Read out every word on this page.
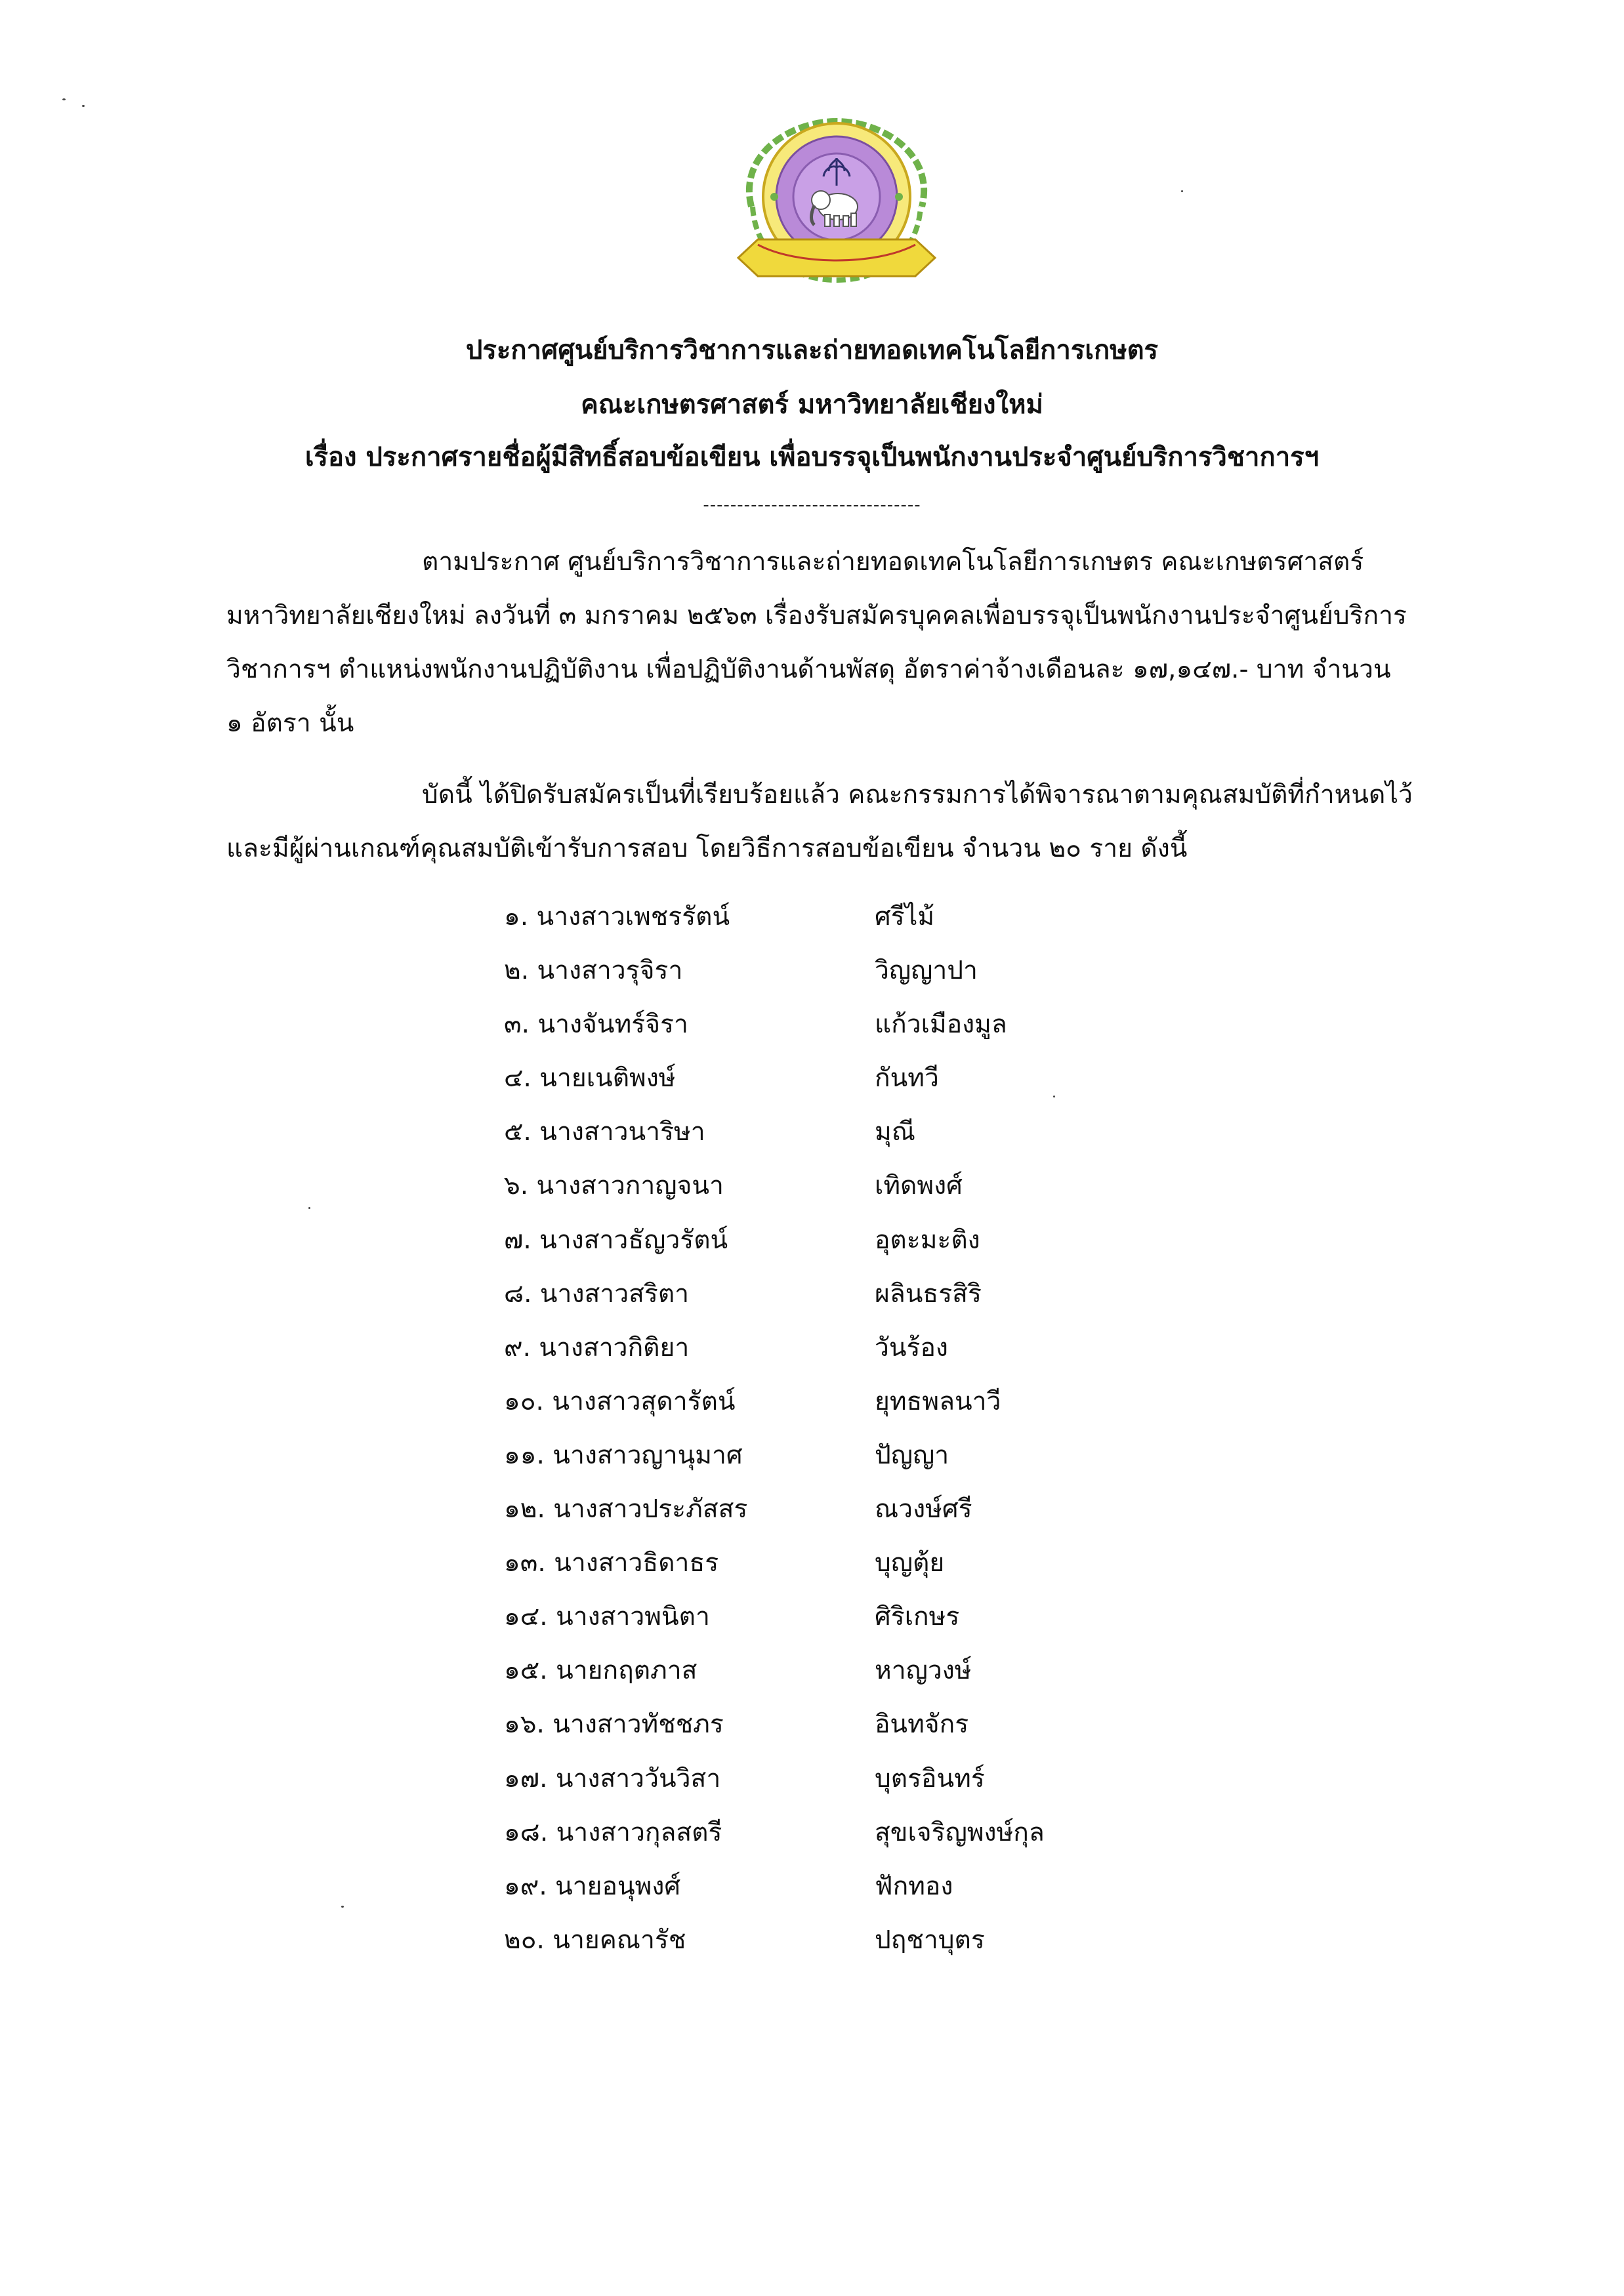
ประกาศศูนย์บริการวิชาการและถ่ายทอดเทคโนโลยีการเกษตร
คณะเกษตรศาสตร์ มหาวิทยาลัยเชียงใหม่
เรื่อง ประกาศรายชื่อผู้มีสิทธิ์สอบข้อเขียน เพื่อบรรจุเป็นพนักงานประจำศูนย์บริการวิชาการฯ
--------------------------------
ตามประกาศ ศูนย์บริการวิชาการและถ่ายทอดเทคโนโลยีการเกษตร คณะเกษตรศาสตร์
มหาวิทยาลัยเชียงใหม่ ลงวันที่ ๓ มกราคม ๒๕๖๓ เรื่องรับสมัครบุคคลเพื่อบรรจุเป็นพนักงานประจำศูนย์บริการ
วิชาการฯ ตำแหน่งพนักงานปฏิบัติงาน เพื่อปฏิบัติงานด้านพัสดุ อัตราค่าจ้างเดือนละ ๑๗,๑๔๗.- บาท จำนวน
๑ อัตรา นั้น
บัดนี้ ได้ปิดรับสมัครเป็นที่เรียบร้อยแล้ว คณะกรรมการได้พิจารณาตามคุณสมบัติที่กำหนดไว้
และมีผู้ผ่านเกณฑ์คุณสมบัติเข้ารับการสอบ โดยวิธีการสอบข้อเขียน จำนวน ๒๐ ราย ดังนี้
๑. นางสาวเพชรรัตน์	ศรีไม้
๒. นางสาวรุจิรา	วิญญาปา
๓. นางจันทร์จิรา	แก้วเมืองมูล
๔. นายเนติพงษ์	กันทวี
๕. นางสาวนาริษา	มุณี
๖. นางสาวกาญจนา	เทิดพงศ์
๗. นางสาวธัญวรัตน์	อุตะมะติง
๘. นางสาวสริตา	ผลินธรสิริ
๙. นางสาวกิติยา	วันร้อง
๑๐. นางสาวสุดารัตน์	ยุทธพลนาวี
๑๑. นางสาวญานุมาศ	ปัญญา
๑๒. นางสาวประภัสสร	ณวงษ์ศรี
๑๓. นางสาวธิดาธร	บุญตุ้ย
๑๔. นางสาวพนิตา	ศิริเกษร
๑๕. นายกฤตภาส	หาญวงษ์
๑๖. นางสาวทัชชภร	อินทจักร
๑๗. นางสาววันวิสา	บุตรอินทร์
๑๘. นางสาวกุลสตรี	สุขเจริญพงษ์กุล
๑๙. นายอนุพงศ์	ฟักทอง
๒๐. นายคณารัช	ปฤชาบุตร
